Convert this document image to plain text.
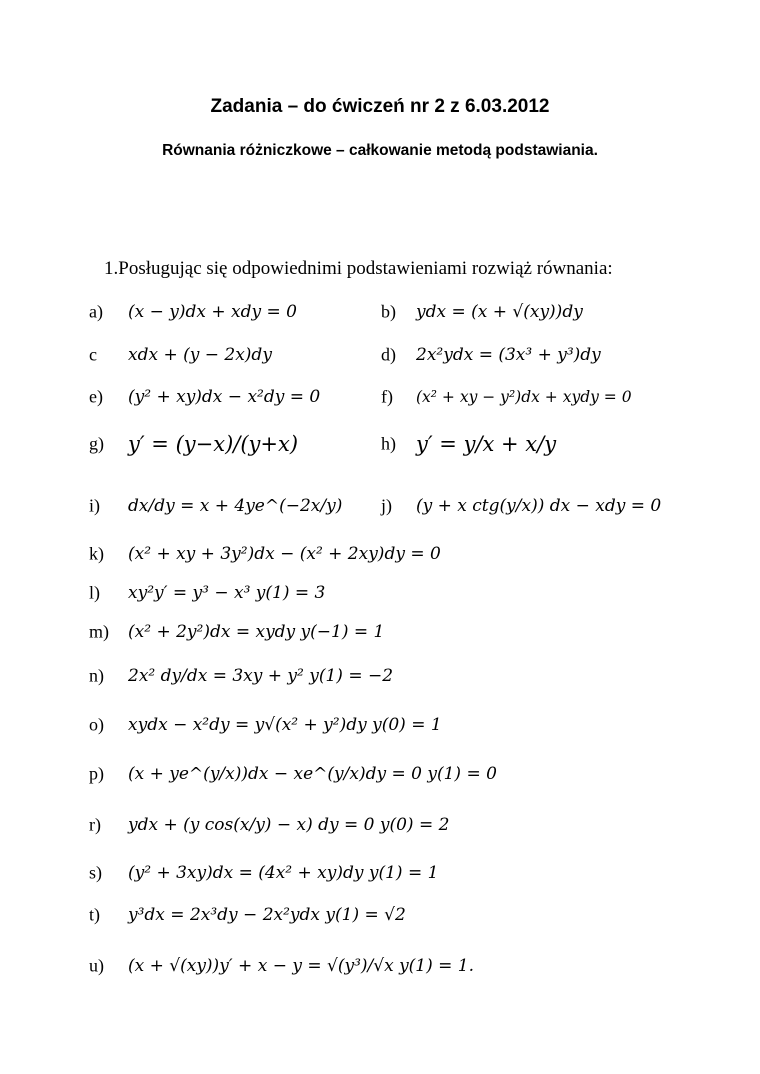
Zadania – do ćwiczeń nr 2 z 6.03.2012
Równania różniczkowe – całkowanie metodą podstawiania.
1.Posługując się odpowiednimi podstawieniami rozwiąż równania:
a) (x − y)dx + xdy = 0	b) ydx = (x + √(xy))dy
c xdx + (y − 2x)dy	d) 2x²ydx = (3x³ + y³)dy
e) (y² + xy)dx − x²dy = 0	f) (x² + xy − y²)dx + xydy = 0
g) y′ = (y−x)/(y+x)	h) y′ = y/x + x/y
i) dx/dy = x + 4ye^(−2x/y) j) (y + x ctg(y/x)) dx − xdy = 0
k) (x² + xy + 3y²)dx − (x² + 2xy)dy = 0
l) xy²y′ = y³ − x³ y(1) = 3
m) (x² + 2y²)dx = xydy y(−1) = 1
n) 2x² dy/dx = 3xy + y² y(1) = −2
o) xydx − x²dy = y√(x² + y²)dy y(0) = 1
p) (x + ye^(y/x))dx − xe^(y/x)dy = 0 y(1) = 0
r) ydx + (y cos(x/y) − x) dy = 0 y(0) = 2
s) (y² + 3xy)dx = (4x² + xy)dy y(1) = 1
t) y³dx = 2x³dy − 2x²ydx y(1) = √2
u) (x + √(xy))y′ + x − y = √(y³)/√x y(1) = 1.
